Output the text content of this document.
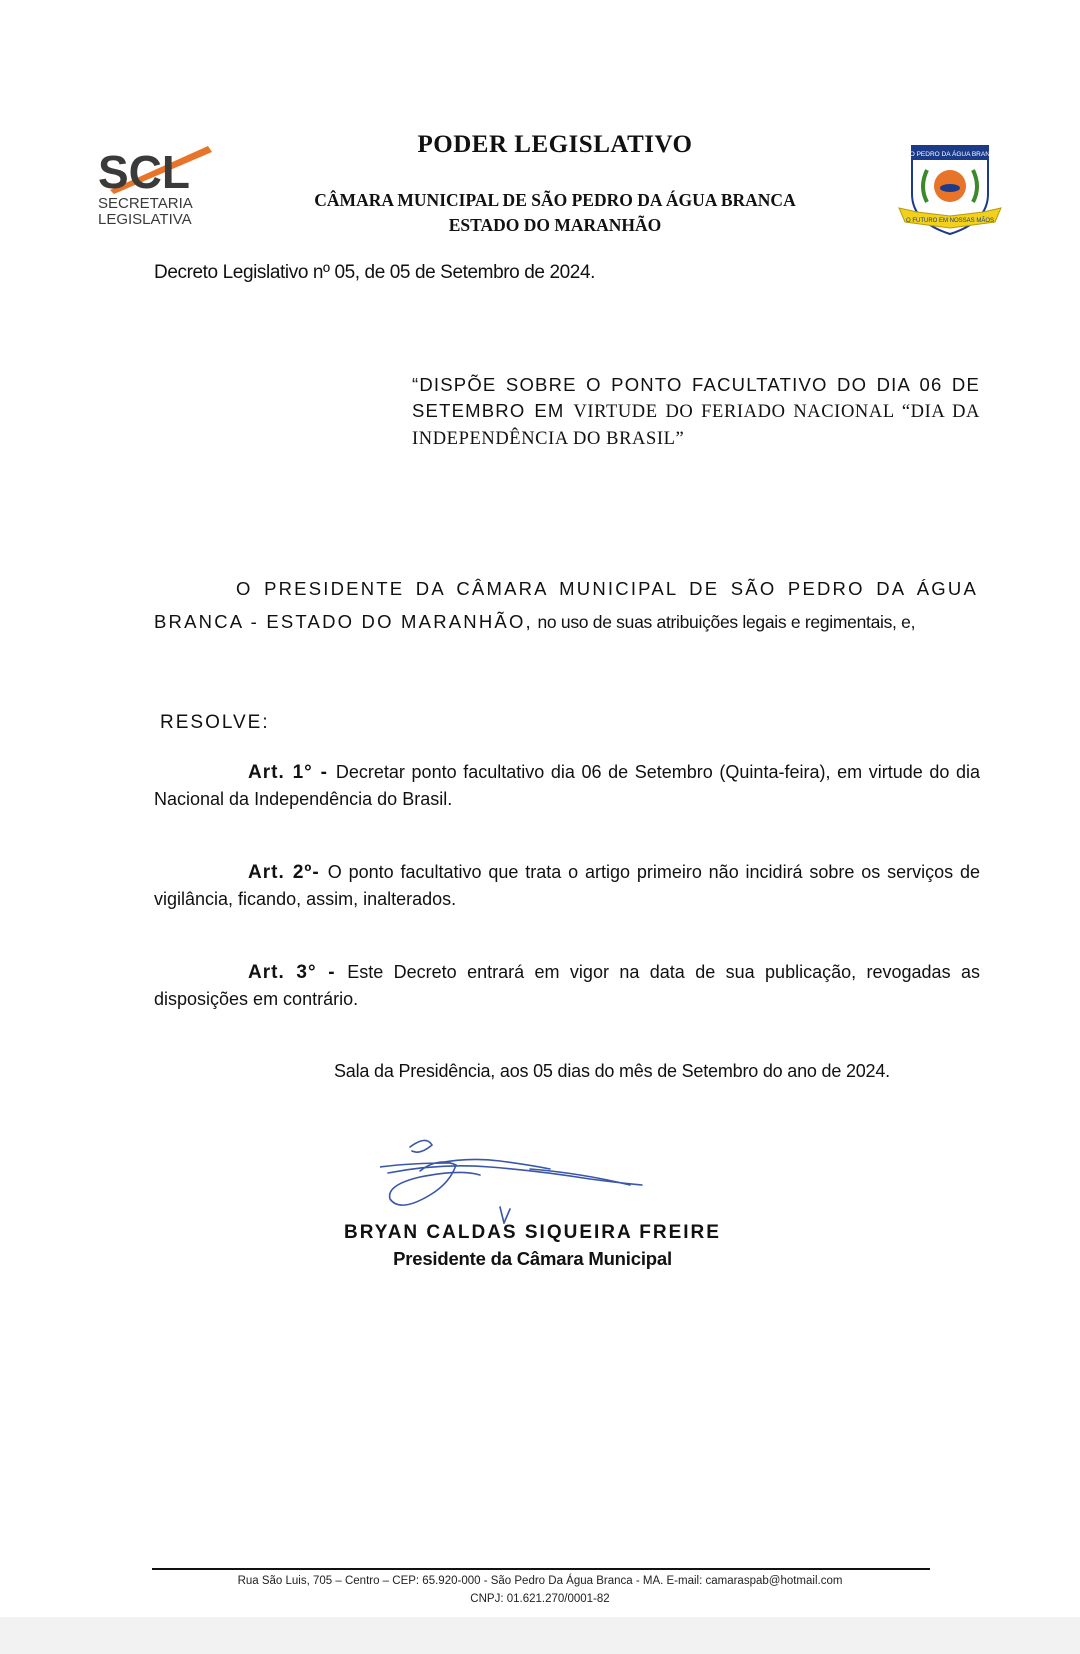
SCL
SECRETARIA
LEGISLATIVA
SÃO PEDRO DA ÁGUA BRANCA
O FUTURO EM NOSSAS MÃOS
PODER LEGISLATIVO
CÂMARA MUNICIPAL DE SÃO PEDRO DA ÁGUA BRANCA
ESTADO DO MARANHÃO
Decreto Legislativo nº 05, de 05 de Setembro de 2024.
“DISPÕE SOBRE O PONTO FACULTATIVO DO DIA 06 DE SETEMBRO EM VIRTUDE DO FERIADO NACIONAL “DIA DA INDEPENDÊNCIA DO BRASIL”
O PRESIDENTE DA CÂMARA MUNICIPAL DE SÃO PEDRO DA ÁGUA BRANCA - ESTADO DO MARANHÃO, no uso de suas atribuições legais e regimentais, e,
RESOLVE:
Art. 1° - Decretar ponto facultativo dia 06 de Setembro (Quinta-feira), em virtude do dia Nacional da Independência do Brasil.
Art. 2º- O ponto facultativo que trata o artigo primeiro não incidirá sobre os serviços de vigilância, ficando, assim, inalterados.
Art. 3° - Este Decreto entrará em vigor na data de sua publicação, revogadas as disposições em contrário.
Sala da Presidência, aos 05 dias do mês de Setembro do ano de 2024.
BRYAN CALDAS SIQUEIRA FREIRE
Presidente da Câmara Municipal
Rua São Luis, 705 – Centro – CEP: 65.920-000 - São Pedro Da Água Branca - MA. E-mail: camaraspab@hotmail.com
CNPJ: 01.621.270/0001-82
